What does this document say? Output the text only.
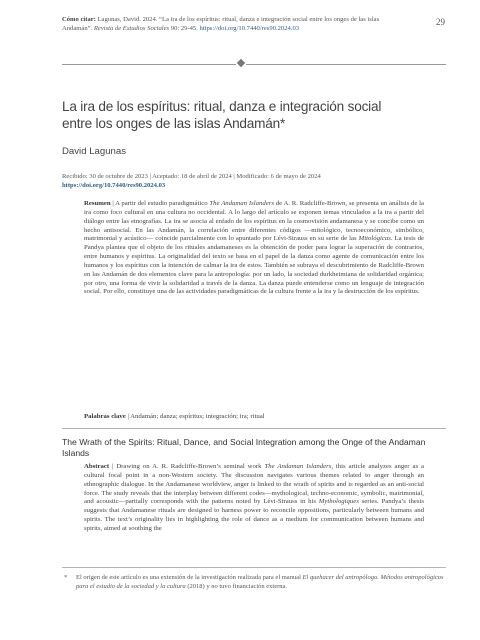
Cómo citar: Lagunas, David. 2024. “La ira de los espíritus: ritual, danza e integración social entre los onges de las islas Andamán”. Revista de Estudios Sociales 90: 29-45. https://doi.org/10.7440/res90.2024.03
29
La ira de los espíritus: ritual, danza e integración social entre los onges de las islas Andamán*
David Lagunas
Recibido: 30 de octubre de 2023 | Aceptado: 18 de abril de 2024 | Modificado: 6 de mayo de 2024
https://doi.org/10.7440/res90.2024.03
Resumen | A partir del estudio paradigmático The Andaman Islanders de A. R. Radcliffe-Brown, se presenta un análisis de la ira como foco cultural en una cultura no occidental. A lo largo del artículo se exponen temas vinculados a la ira a partir del diálogo entre las etnografías. La ira se asocia al enfado de los espíritus en la cosmovisión andamanesa y se concibe como un hecho antisocial. En las Andamán, la correlación entre diferentes códigos —mitológico, tecnoeconómico, simbólico, matrimonial y acústico— coincide parcialmente con lo apuntado por Lévi-Strauss en su serie de las Mitológicas. La tesis de Pandya plantea que el objeto de los rituales andamaneses es la obtención de poder para lograr la superación de contrarios, entre humanos y espíritus. La originalidad del texto se basa en el papel de la danza como agente de comunicación entre los humanos y los espíritus con la intención de calmar la ira de estos. También se subraya el descubrimiento de Radcliffe-Brown en las Andamán de dos elementos clave para la antropología: por un lado, la sociedad durkheimiana de solidaridad orgánica; por otro, una forma de vivir la solidaridad a través de la danza. La danza puede entenderse como un lenguaje de integración social. Por ello, constituye una de las actividades paradigmáticas de la cultura frente a la ira y la destrucción de los espíritus.
Palabras clave | Andamán; danza; espíritus; integración; ira; ritual
The Wrath of the Spirits: Ritual, Dance, and Social Integration among the Onge of the Andaman Islands
Abstract | Drawing on A. R. Radcliffe-Brown’s seminal work The Andaman Islanders, this article analyzes anger as a cultural focal point in a non-Western society. The discussion navigates various themes related to anger through an ethnographic dialogue. In the Andamanese worldview, anger is linked to the wrath of spirits and is regarded as an anti-social force. The study reveals that the interplay between different codes—mythological, techno-economic, symbolic, matrimonial, and acoustic—partially corresponds with the patterns noted by Lévi-Strauss in his Mythologiques series. Pandya’s thesis suggests that Andamanese rituals are designed to harness power to reconcile oppositions, particularly between humans and spirits. The text’s originality lies in highlighting the role of dance as a medium for communication between humans and spirits, aimed at soothing the
* El origen de este artículo es una extensión de la investigación realizada para el manual El quehacer del antropólogo. Métodos antropológicos para el estudio de la sociedad y la cultura (2018) y no tuvo financiación externa.
